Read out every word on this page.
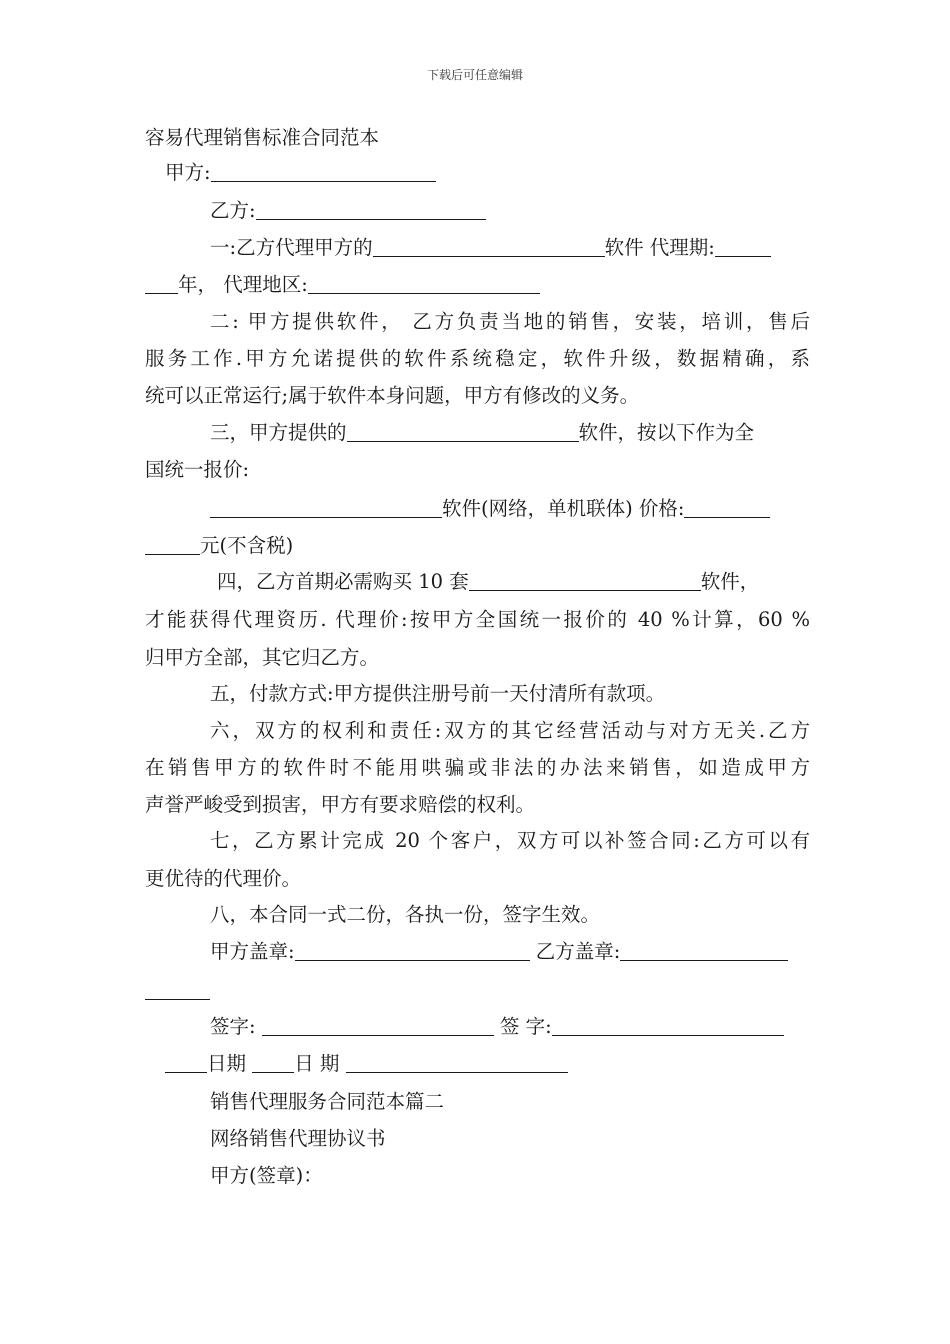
下载后可任意编辑
容易代理销售标准合同范本
甲方:
乙方:
一:乙方代理甲方的	软件 代理期:
年， 代理地区:
二: 甲方提供软件， 乙方负责当地的销售，安装，培训，售后
服务工作.甲方允诺提供的软件系统稳定，软件升级，数据精确，系
统可以正常运行;属于软件本身问题，甲方有修改的义务。
三，甲方提供的	软件，按以下作为全
国统一报价:
软件(网络，单机联体) 价格:
元(不含税)
四，乙方首期必需购买 10 套	软件，
才能获得代理资历. 代理价:按甲方全国统一报价的 40 %计算，60 %
归甲方全部，其它归乙方。
五，付款方式:甲方提供注册号前一天付清所有款项。
六，双方的权利和责任:双方的其它经营活动与对方无关.乙方
在销售甲方的软件时不能用哄骗或非法的办法来销售，如造成甲方
声誉严峻受到损害，甲方有要求赔偿的权利。
七，乙方累计完成 20 个客户，双方可以补签合同:乙方可以有
更优待的代理价。
八，本合同一式二份，各执一份，签字生效。
甲方盖章:	乙方盖章:
签字:	签 字:
日期 日 期
销售代理服务合同范本篇二
网络销售代理协议书
甲方(签章)：
